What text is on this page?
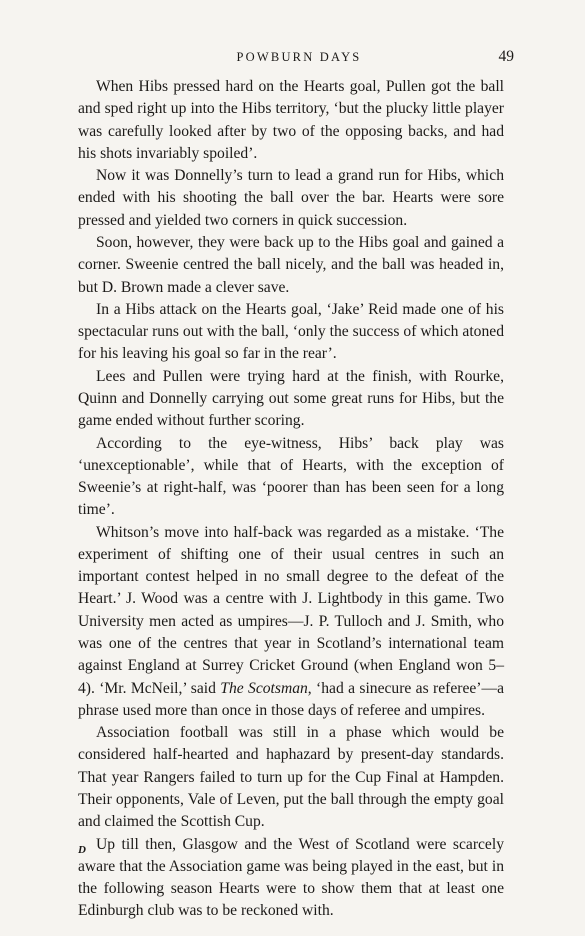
POWBURN DAYS	49

When Hibs pressed hard on the Hearts goal, Pullen got the ball and sped right up into the Hibs territory, ‘but the plucky little player was carefully looked after by two of the opposing backs, and had his shots invariably spoiled’.

Now it was Donnelly’s turn to lead a grand run for Hibs, which ended with his shooting the ball over the bar. Hearts were sore pressed and yielded two corners in quick succession.

Soon, however, they were back up to the Hibs goal and gained a corner. Sweenie centred the ball nicely, and the ball was headed in, but D. Brown made a clever save.

In a Hibs attack on the Hearts goal, ‘Jake’ Reid made one of his spectacular runs out with the ball, ‘only the success of which atoned for his leaving his goal so far in the rear’.

Lees and Pullen were trying hard at the finish, with Rourke, Quinn and Donnelly carrying out some great runs for Hibs, but the game ended without further scoring.

According to the eye-witness, Hibs’ back play was ‘unexceptionable’, while that of Hearts, with the exception of Sweenie’s at right-half, was ‘poorer than has been seen for a long time’.

Whitson’s move into half-back was regarded as a mistake. ‘The experiment of shifting one of their usual centres in such an important contest helped in no small degree to the defeat of the Heart.’ J. Wood was a centre with J. Lightbody in this game. Two University men acted as umpires—J. P. Tulloch and J. Smith, who was one of the centres that year in Scotland’s international team against England at Surrey Cricket Ground (when England won 5–4). ‘Mr. McNeil,’ said The Scotsman, ‘had a sinecure as referee’—a phrase used more than once in those days of referee and umpires.

Association football was still in a phase which would be considered half-hearted and haphazard by present-day standards. That year Rangers failed to turn up for the Cup Final at Hampden. Their opponents, Vale of Leven, put the ball through the empty goal and claimed the Scottish Cup.

Up till then, Glasgow and the West of Scotland were scarcely aware that the Association game was being played in the east, but in the following season Hearts were to show them that at least one Edinburgh club was to be reckoned with.

D
